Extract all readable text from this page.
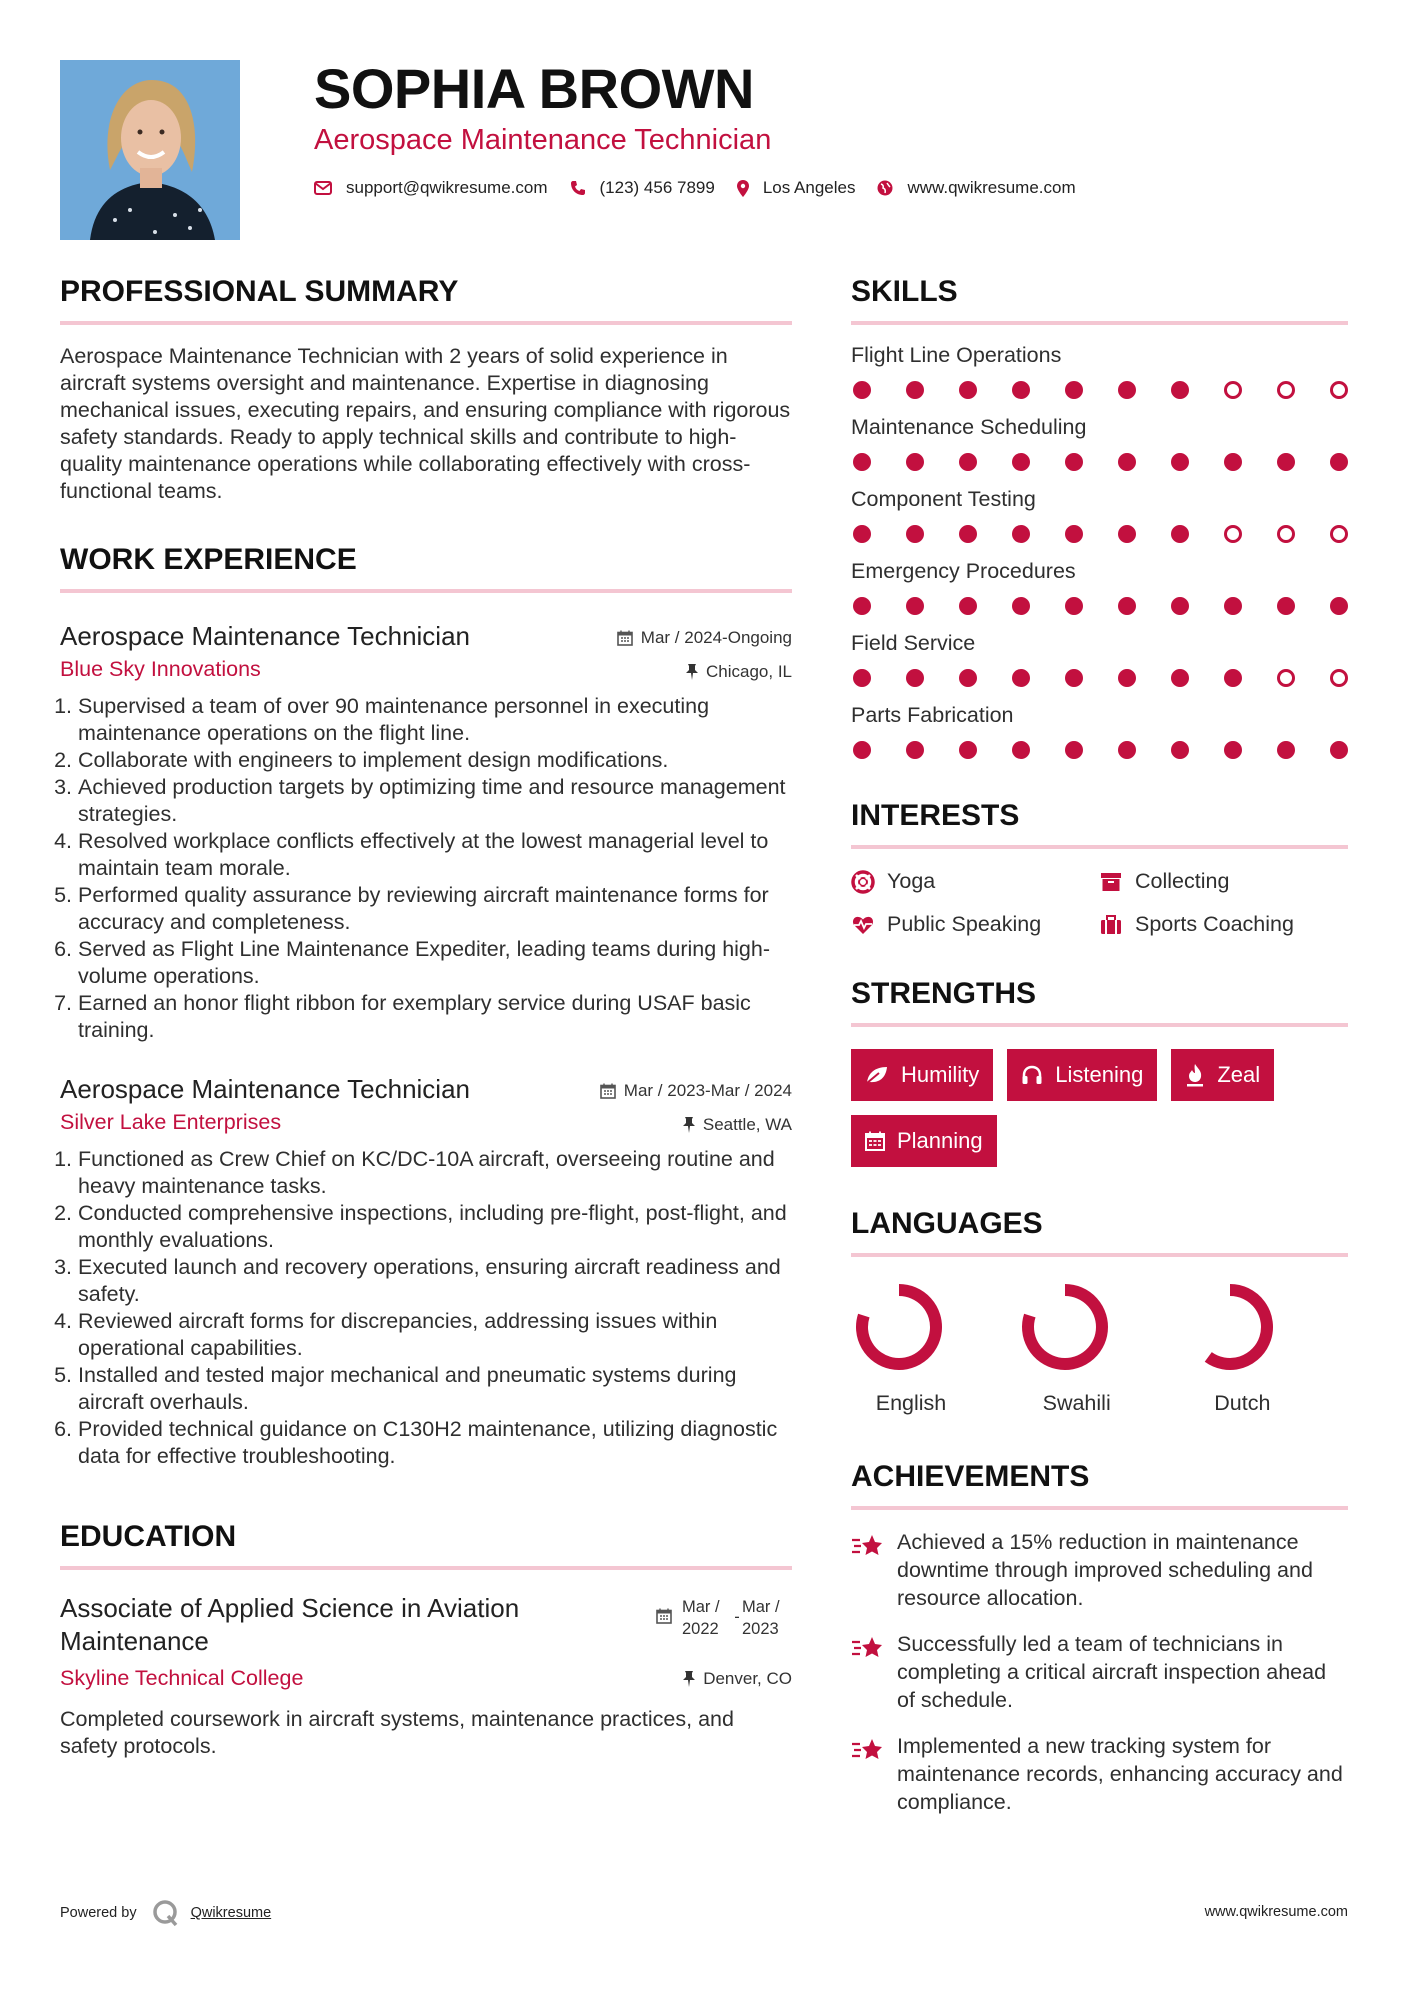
SOPHIA BROWN
Aerospace Maintenance Technician
support@qwikresume.com	(123) 456 7899	Los Angeles	www.qwikresume.com
PROFESSIONAL SUMMARY

Aerospace Maintenance Technician with 2 years of solid experience in aircraft systems oversight and maintenance. Expertise in diagnosing mechanical issues, executing repairs, and ensuring compliance with rigorous safety standards. Ready to apply technical skills and contribute to high-quality maintenance operations while collaborating effectively with cross-functional teams.

WORK EXPERIENCE
Aerospace Maintenance Technician
Blue Sky Innovations
Mar / 2024-Ongoing
Chicago, IL
1. Supervised a team of over 90 maintenance personnel in executing maintenance operations on the flight line.
2. Collaborate with engineers to implement design modifications.
3. Achieved production targets by optimizing time and resource management strategies.
4. Resolved workplace conflicts effectively at the lowest managerial level to maintain team morale.
5. Performed quality assurance by reviewing aircraft maintenance forms for accuracy and completeness.
6. Served as Flight Line Maintenance Expediter, leading teams during high-volume operations.
7. Earned an honor flight ribbon for exemplary service during USAF basic training.
Aerospace Maintenance Technician
Silver Lake Enterprises
Mar / 2023-Mar / 2024
Seattle, WA
1. Functioned as Crew Chief on KC/DC-10A aircraft, overseeing routine and heavy maintenance tasks.
2. Conducted comprehensive inspections, including pre-flight, post-flight, and monthly evaluations.
3. Executed launch and recovery operations, ensuring aircraft readiness and safety.
4. Reviewed aircraft forms for discrepancies, addressing issues within operational capabilities.
5. Installed and tested major mechanical and pneumatic systems during aircraft overhauls.
6. Provided technical guidance on C130H2 maintenance, utilizing diagnostic data for effective troubleshooting.
EDUCATION
Associate of Applied Science in Aviation Maintenance
Skyline Technical College
Mar / 2022
-
Mar / 2023
Denver, CO

Completed coursework in aircraft systems, maintenance practices, and safety protocols.

SKILLS
Flight Line Operations
Maintenance Scheduling
Component Testing
Emergency Procedures
Field Service
Parts Fabrication
INTERESTS
Yoga	Collecting
Public Speaking	Sports Coaching
STRENGTHS
Humility	Listening	Zeal
Planning
LANGUAGES
English	Swahili	Dutch
ACHIEVEMENTS
Achieved a 15% reduction in maintenance downtime through improved scheduling and resource allocation.
Successfully led a team of technicians in completing a critical aircraft inspection ahead of schedule.
Implemented a new tracking system for maintenance records, enhancing accuracy and compliance.
Powered by	Qwikresume	www.qwikresume.com
